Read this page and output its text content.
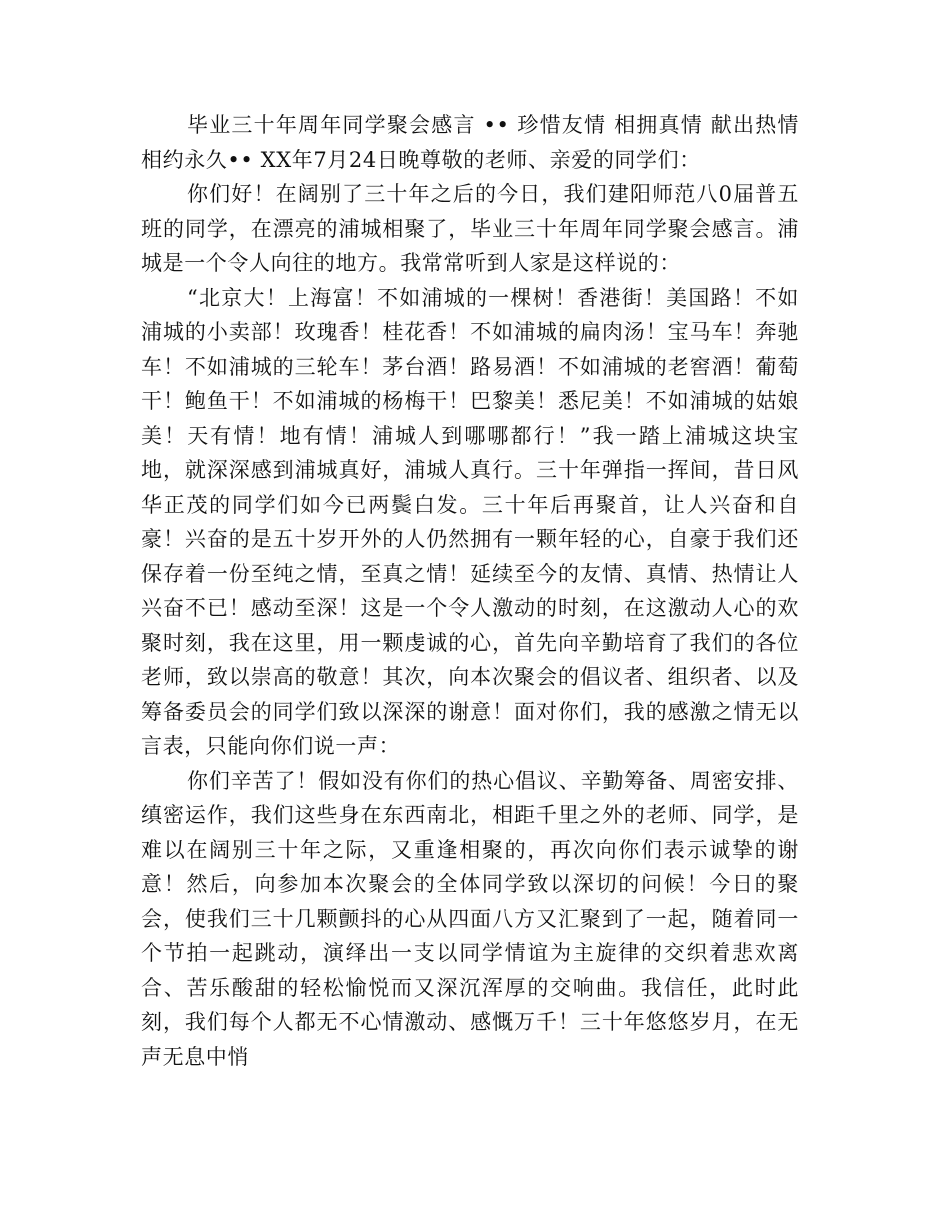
毕业三十年周年同学聚会感言 •• 珍惜友情 相拥真情 献出热情 相约永久•• XX年7月24日晚尊敬的老师、亲爱的同学们：

你们好！在阔别了三十年之后的今日，我们建阳师范八0届普五班的同学，在漂亮的浦城相聚了，毕业三十年周年同学聚会感言。浦城是一个令人向往的地方。我常常听到人家是这样说的：

“北京大！上海富！不如浦城的一棵树！香港街！美国路！不如浦城的小卖部！玫瑰香！桂花香！不如浦城的扁肉汤！宝马车！奔驰车！不如浦城的三轮车！茅台酒！路易酒！不如浦城的老窖酒！葡萄干！鲍鱼干！不如浦城的杨梅干！巴黎美！悉尼美！不如浦城的姑娘美！天有情！地有情！浦城人到哪哪都行！”我一踏上浦城这块宝地，就深深感到浦城真好，浦城人真行。三十年弹指一挥间，昔日风华正茂的同学们如今已两鬓白发。三十年后再聚首，让人兴奋和自豪！兴奋的是五十岁开外的人仍然拥有一颗年轻的心，自豪于我们还保存着一份至纯之情，至真之情！延续至今的友情、真情、热情让人兴奋不已！感动至深！这是一个令人激动的时刻，在这激动人心的欢聚时刻，我在这里，用一颗虔诚的心，首先向辛勤培育了我们的各位老师，致以崇高的敬意！其次，向本次聚会的倡议者、组织者、以及筹备委员会的同学们致以深深的谢意！面对你们，我的感激之情无以言表，只能向你们说一声：

你们辛苦了！假如没有你们的热心倡议、辛勤筹备、周密安排、缜密运作，我们这些身在东西南北，相距千里之外的老师、同学，是难以在阔别三十年之际，又重逢相聚的，再次向你们表示诚挚的谢意！然后，向参加本次聚会的全体同学致以深切的问候！今日的聚会，使我们三十几颗颤抖的心从四面八方又汇聚到了一起，随着同一个节拍一起跳动，演绎出一支以同学情谊为主旋律的交织着悲欢离合、苦乐酸甜的轻松愉悦而又深沉浑厚的交响曲。我信任，此时此刻，我们每个人都无不心情激动、感慨万千！三十年悠悠岁月，在无声无息中悄
